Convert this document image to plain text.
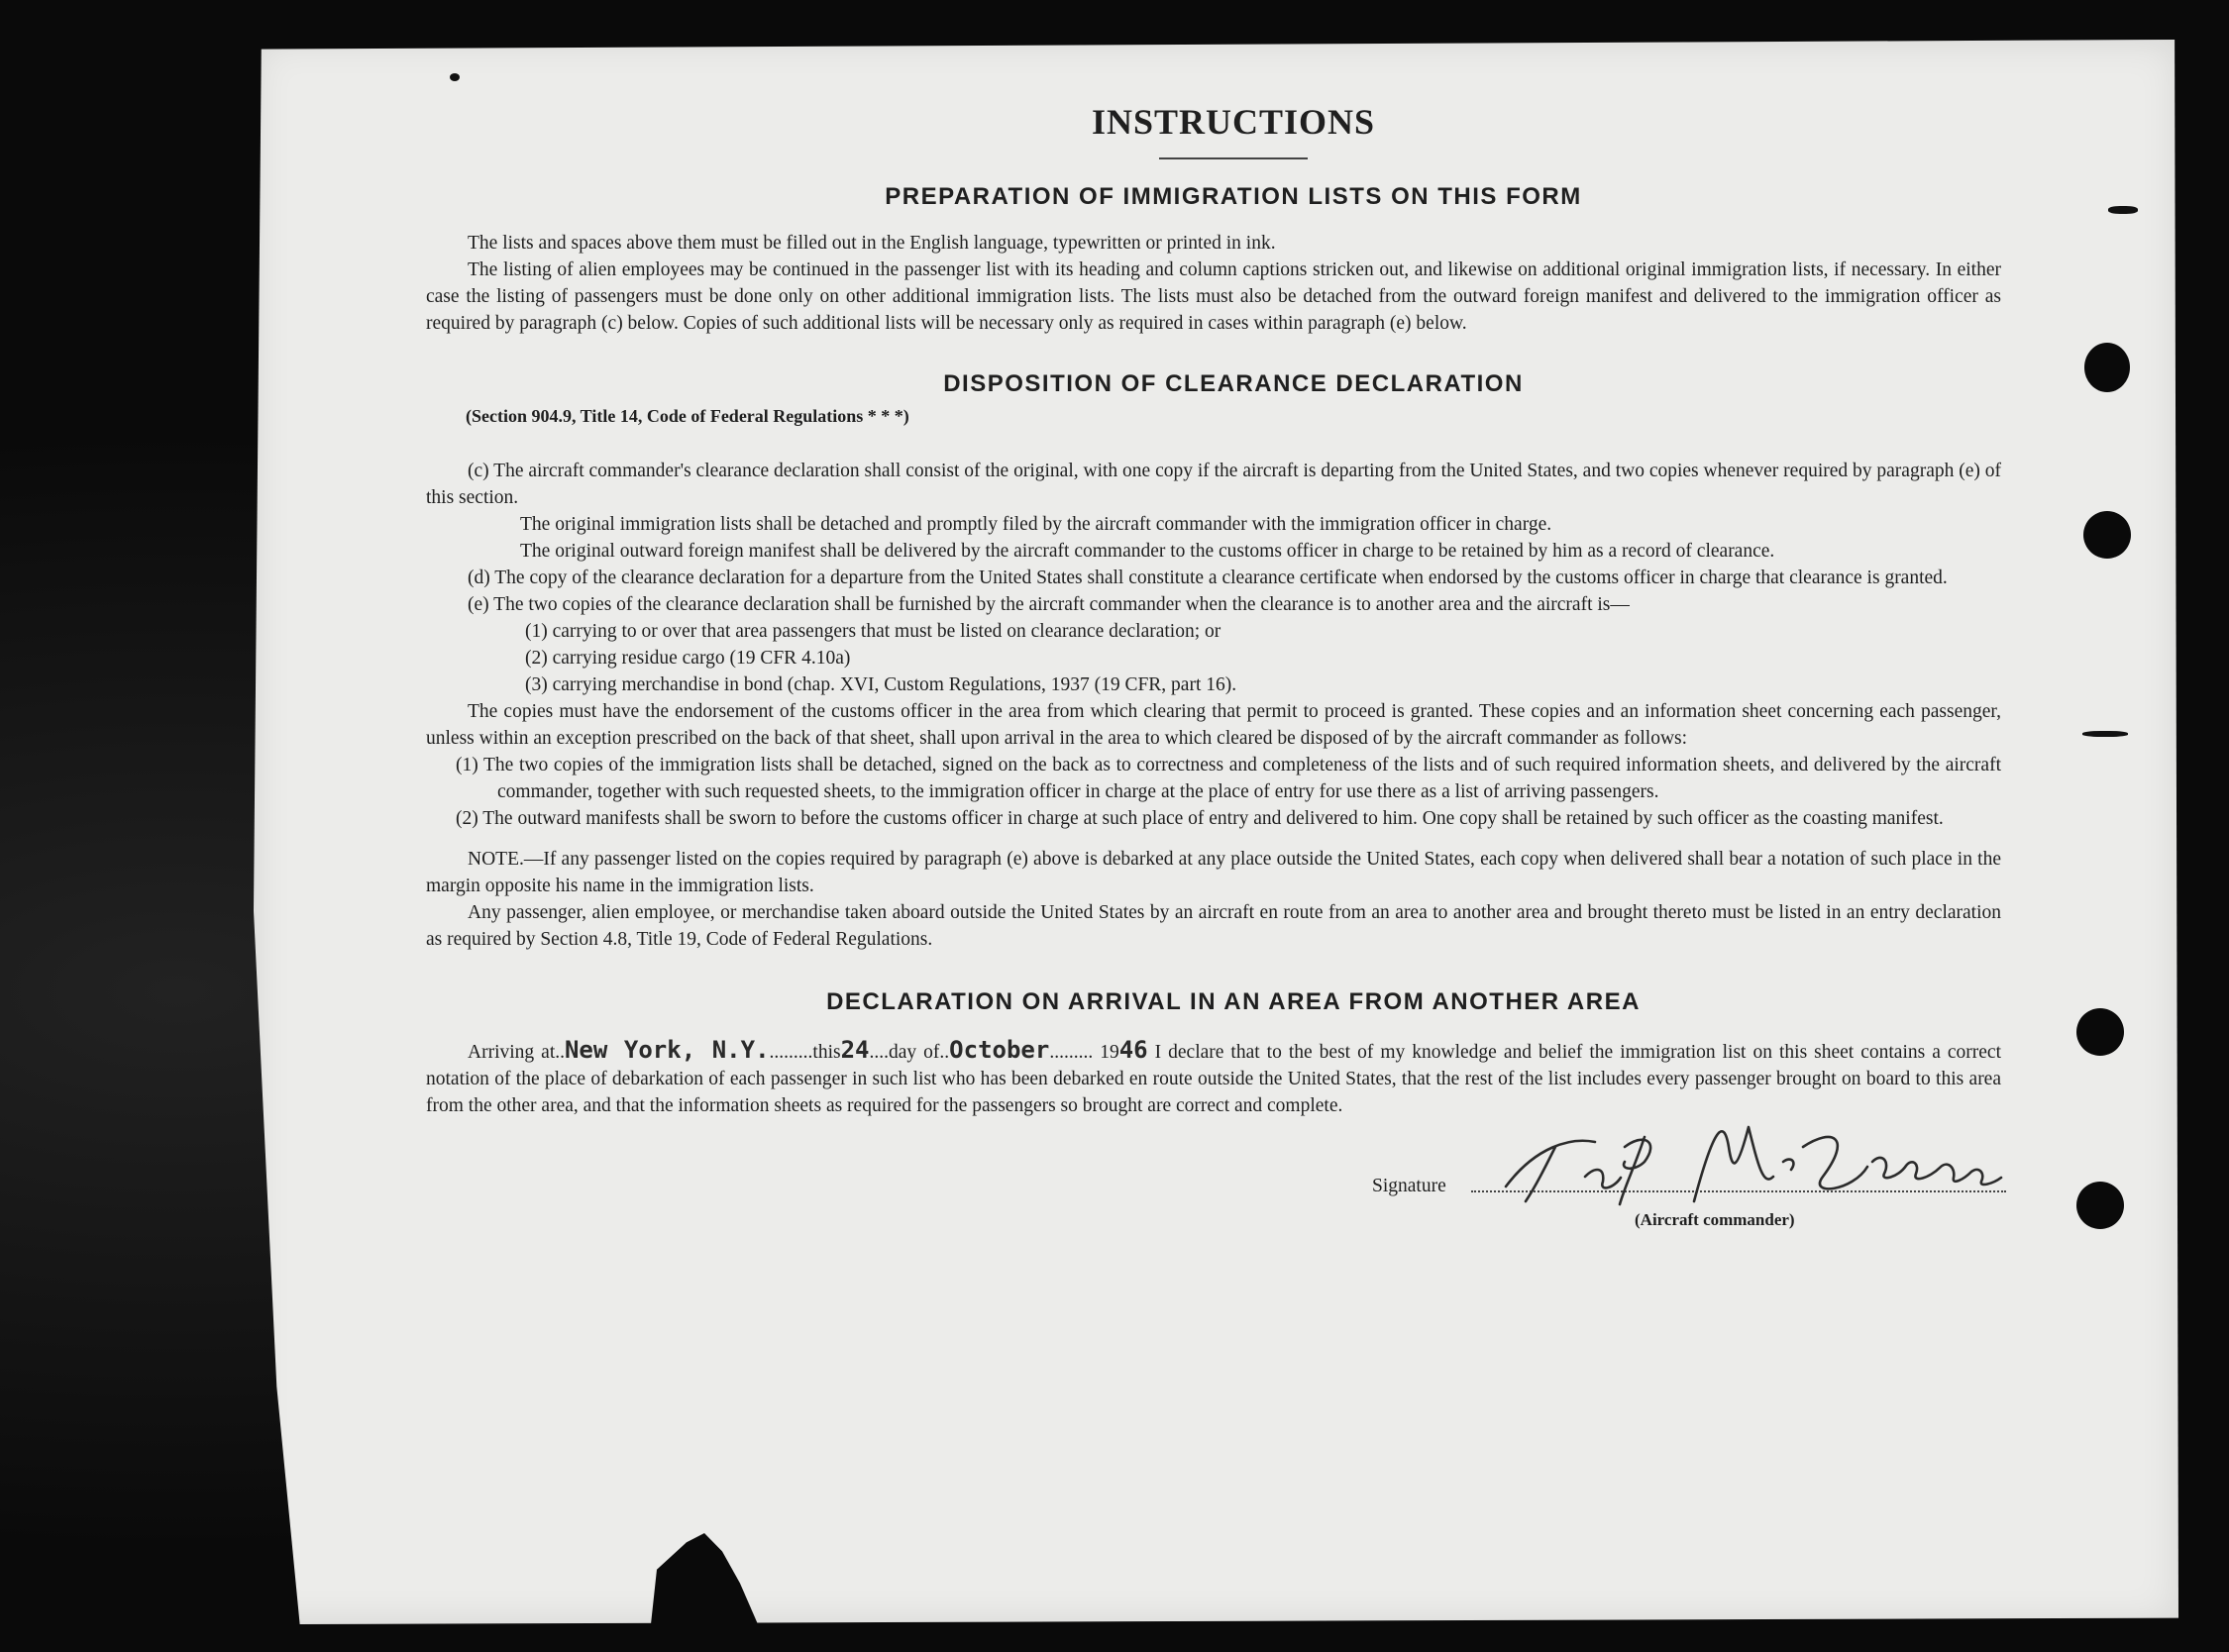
INSTRUCTIONS
PREPARATION OF IMMIGRATION LISTS ON THIS FORM

The lists and spaces above them must be filled out in the English language, typewritten or printed in ink.

The listing of alien employees may be continued in the passenger list with its heading and column captions stricken out, and likewise on additional original immigration lists, if necessary. In either case the listing of passengers must be done only on other additional immigration lists. The lists must also be detached from the outward foreign manifest and delivered to the immigration officer as required by paragraph (c) below. Copies of such additional lists will be necessary only as required in cases within paragraph (e) below.

DISPOSITION OF CLEARANCE DECLARATION

(Section 904.9, Title 14, Code of Federal Regulations * * *)

(c) The aircraft commander's clearance declaration shall consist of the original, with one copy if the aircraft is departing from the United States, and two copies whenever required by paragraph (e) of this section.

The original immigration lists shall be detached and promptly filed by the aircraft commander with the immigration officer in charge.

The original outward foreign manifest shall be delivered by the aircraft commander to the customs officer in charge to be retained by him as a record of clearance.

(d) The copy of the clearance declaration for a departure from the United States shall constitute a clearance certificate when endorsed by the customs officer in charge that clearance is granted.

(e) The two copies of the clearance declaration shall be furnished by the aircraft commander when the clearance is to another area and the aircraft is—

(1) carrying to or over that area passengers that must be listed on clearance declaration; or

(2) carrying residue cargo (19 CFR 4.10a)

(3) carrying merchandise in bond (chap. XVI, Custom Regulations, 1937 (19 CFR, part 16).

The copies must have the endorsement of the customs officer in the area from which clearing that permit to proceed is granted. These copies and an information sheet concerning each passenger, unless within an exception prescribed on the back of that sheet, shall upon arrival in the area to which cleared be disposed of by the aircraft commander as follows:

(1) The two copies of the immigration lists shall be detached, signed on the back as to correctness and completeness of the lists and of such required information sheets, and delivered by the aircraft commander, together with such requested sheets, to the immigration officer in charge at the place of entry for use there as a list of arriving passengers.

(2) The outward manifests shall be sworn to before the customs officer in charge at such place of entry and delivered to him. One copy shall be retained by such officer as the coasting manifest.

NOTE.—If any passenger listed on the copies required by paragraph (e) above is debarked at any place outside the United States, each copy when delivered shall bear a notation of such place in the margin opposite his name in the immigration lists.

Any passenger, alien employee, or merchandise taken aboard outside the United States by an aircraft en route from an area to another area and brought thereto must be listed in an entry declaration as required by Section 4.8, Title 19, Code of Federal Regulations.

DECLARATION ON ARRIVAL IN AN AREA FROM ANOTHER AREA

Arriving at..New York, N.Y..........this24....day of..October......... 1946 I declare that to the best of my knowledge and belief the immigration list on this sheet contains a correct notation of the place of debarkation of each passenger in such list who has been debarked en route outside the United States, that the rest of the list includes every passenger brought on board to this area from the other area, and that the information sheets as required for the passengers so brought are correct and complete.

Signature
(Aircraft commander)
